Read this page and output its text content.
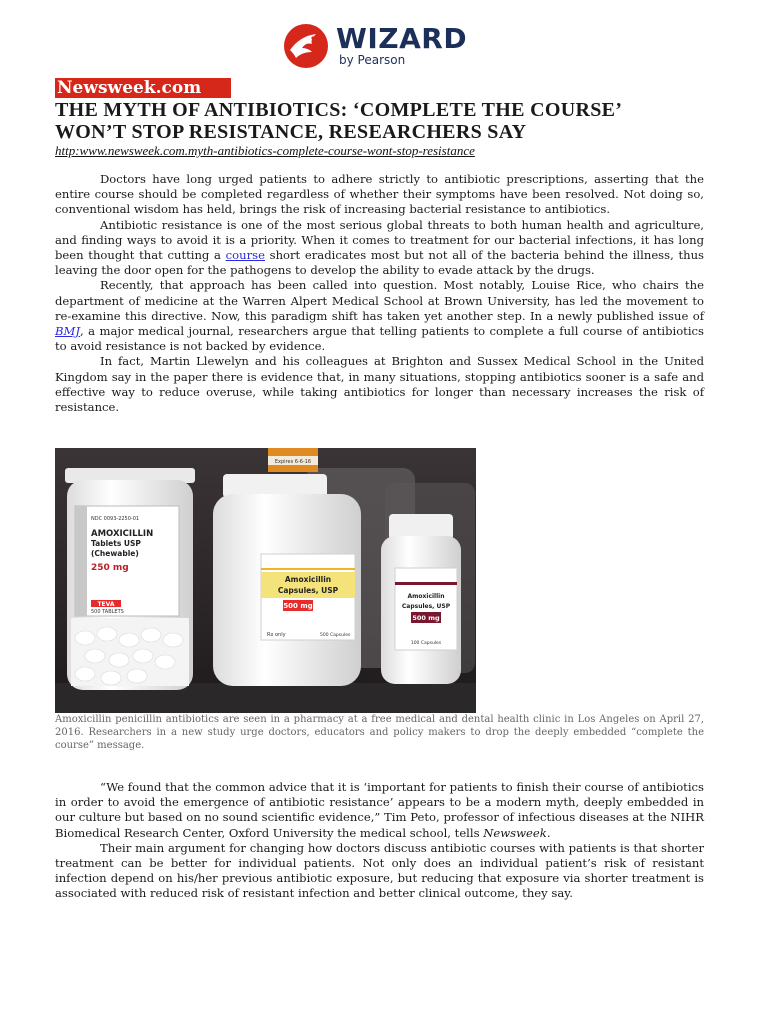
WIZARD
by Pearson
Newsweek.com
THE MYTH OF ANTIBIOTICS: ‘COMPLETE THE COURSE’

WON’T STOP RESISTANCE, RESEARCHERS SAY
http:www.newsweek.com.myth-antibiotics-complete-course-wont-stop-resistance

Doctors have long urged patients to adhere strictly to antibiotic prescriptions, asserting that the entire course should be completed regardless of whether their symptoms have been resolved. Not doing so, conventional wisdom has held, brings the risk of increasing bacterial resistance to antibiotics.

Antibiotic resistance is one of the most serious global threats to both human health and agriculture, and finding ways to avoid it is a priority. When it comes to treatment for our bacterial infections, it has long been thought that cutting a course short eradicates most but not all of the bacteria behind the illness, thus leaving the door open for the pathogens to develop the ability to evade attack by the drugs.

Recently, that approach has been called into question. Most notably, Louise Rice, who chairs the department of medicine at the Warren Alpert Medical School at Brown University, has led the movement to re-examine this directive. Now, this paradigm shift has taken yet another step. In a newly published issue of BMJ, a major medical journal, researchers argue that telling patients to complete a full course of antibiotics to avoid resistance is not backed by evidence.

In fact, Martin Llewelyn and his colleagues at Brighton and Sussex Medical School in the United Kingdom say in the paper there is evidence that, in many situations, stopping antibiotics sooner is a safe and effective way to reduce overuse, while taking antibiotics for longer than necessary increases the risk of resistance.

Expires 6-6-16
NDC 0093-2250-01
AMOXICILLIN
Tablets USP
(Chewable)
250 mg
500 TABLETS
TEVA
Amoxicillin
Capsules, USP
500 mg
Rx only	500 Capsules
Amoxicillin
Capsules, USP
500 mg
100 Capsules
Amoxicillin penicillin antibiotics are seen in a pharmacy at a free medical and dental health clinic in Los Angeles on April 27, 2016. Researchers in a new study urge doctors, educators and policy makers to drop the deeply embedded “complete the course” message.

“We found that the common advice that it is ‘important for patients to finish their course of antibiotics in order to avoid the emergence of antibiotic resistance’ appears to be a modern myth, deeply embedded in our culture but based on no sound scientific evidence,” Tim Peto, professor of infectious diseases at the NIHR Biomedical Research Center, Oxford University the medical school, tells Newsweek.

Their main argument for changing how doctors discuss antibiotic courses with patients is that shorter treatment can be better for individual patients. Not only does an individual patient’s risk of resistant infection depend on his/her previous antibiotic exposure, but reducing that exposure via shorter treatment is associated with reduced risk of resistant infection and better clinical outcome, they say.
